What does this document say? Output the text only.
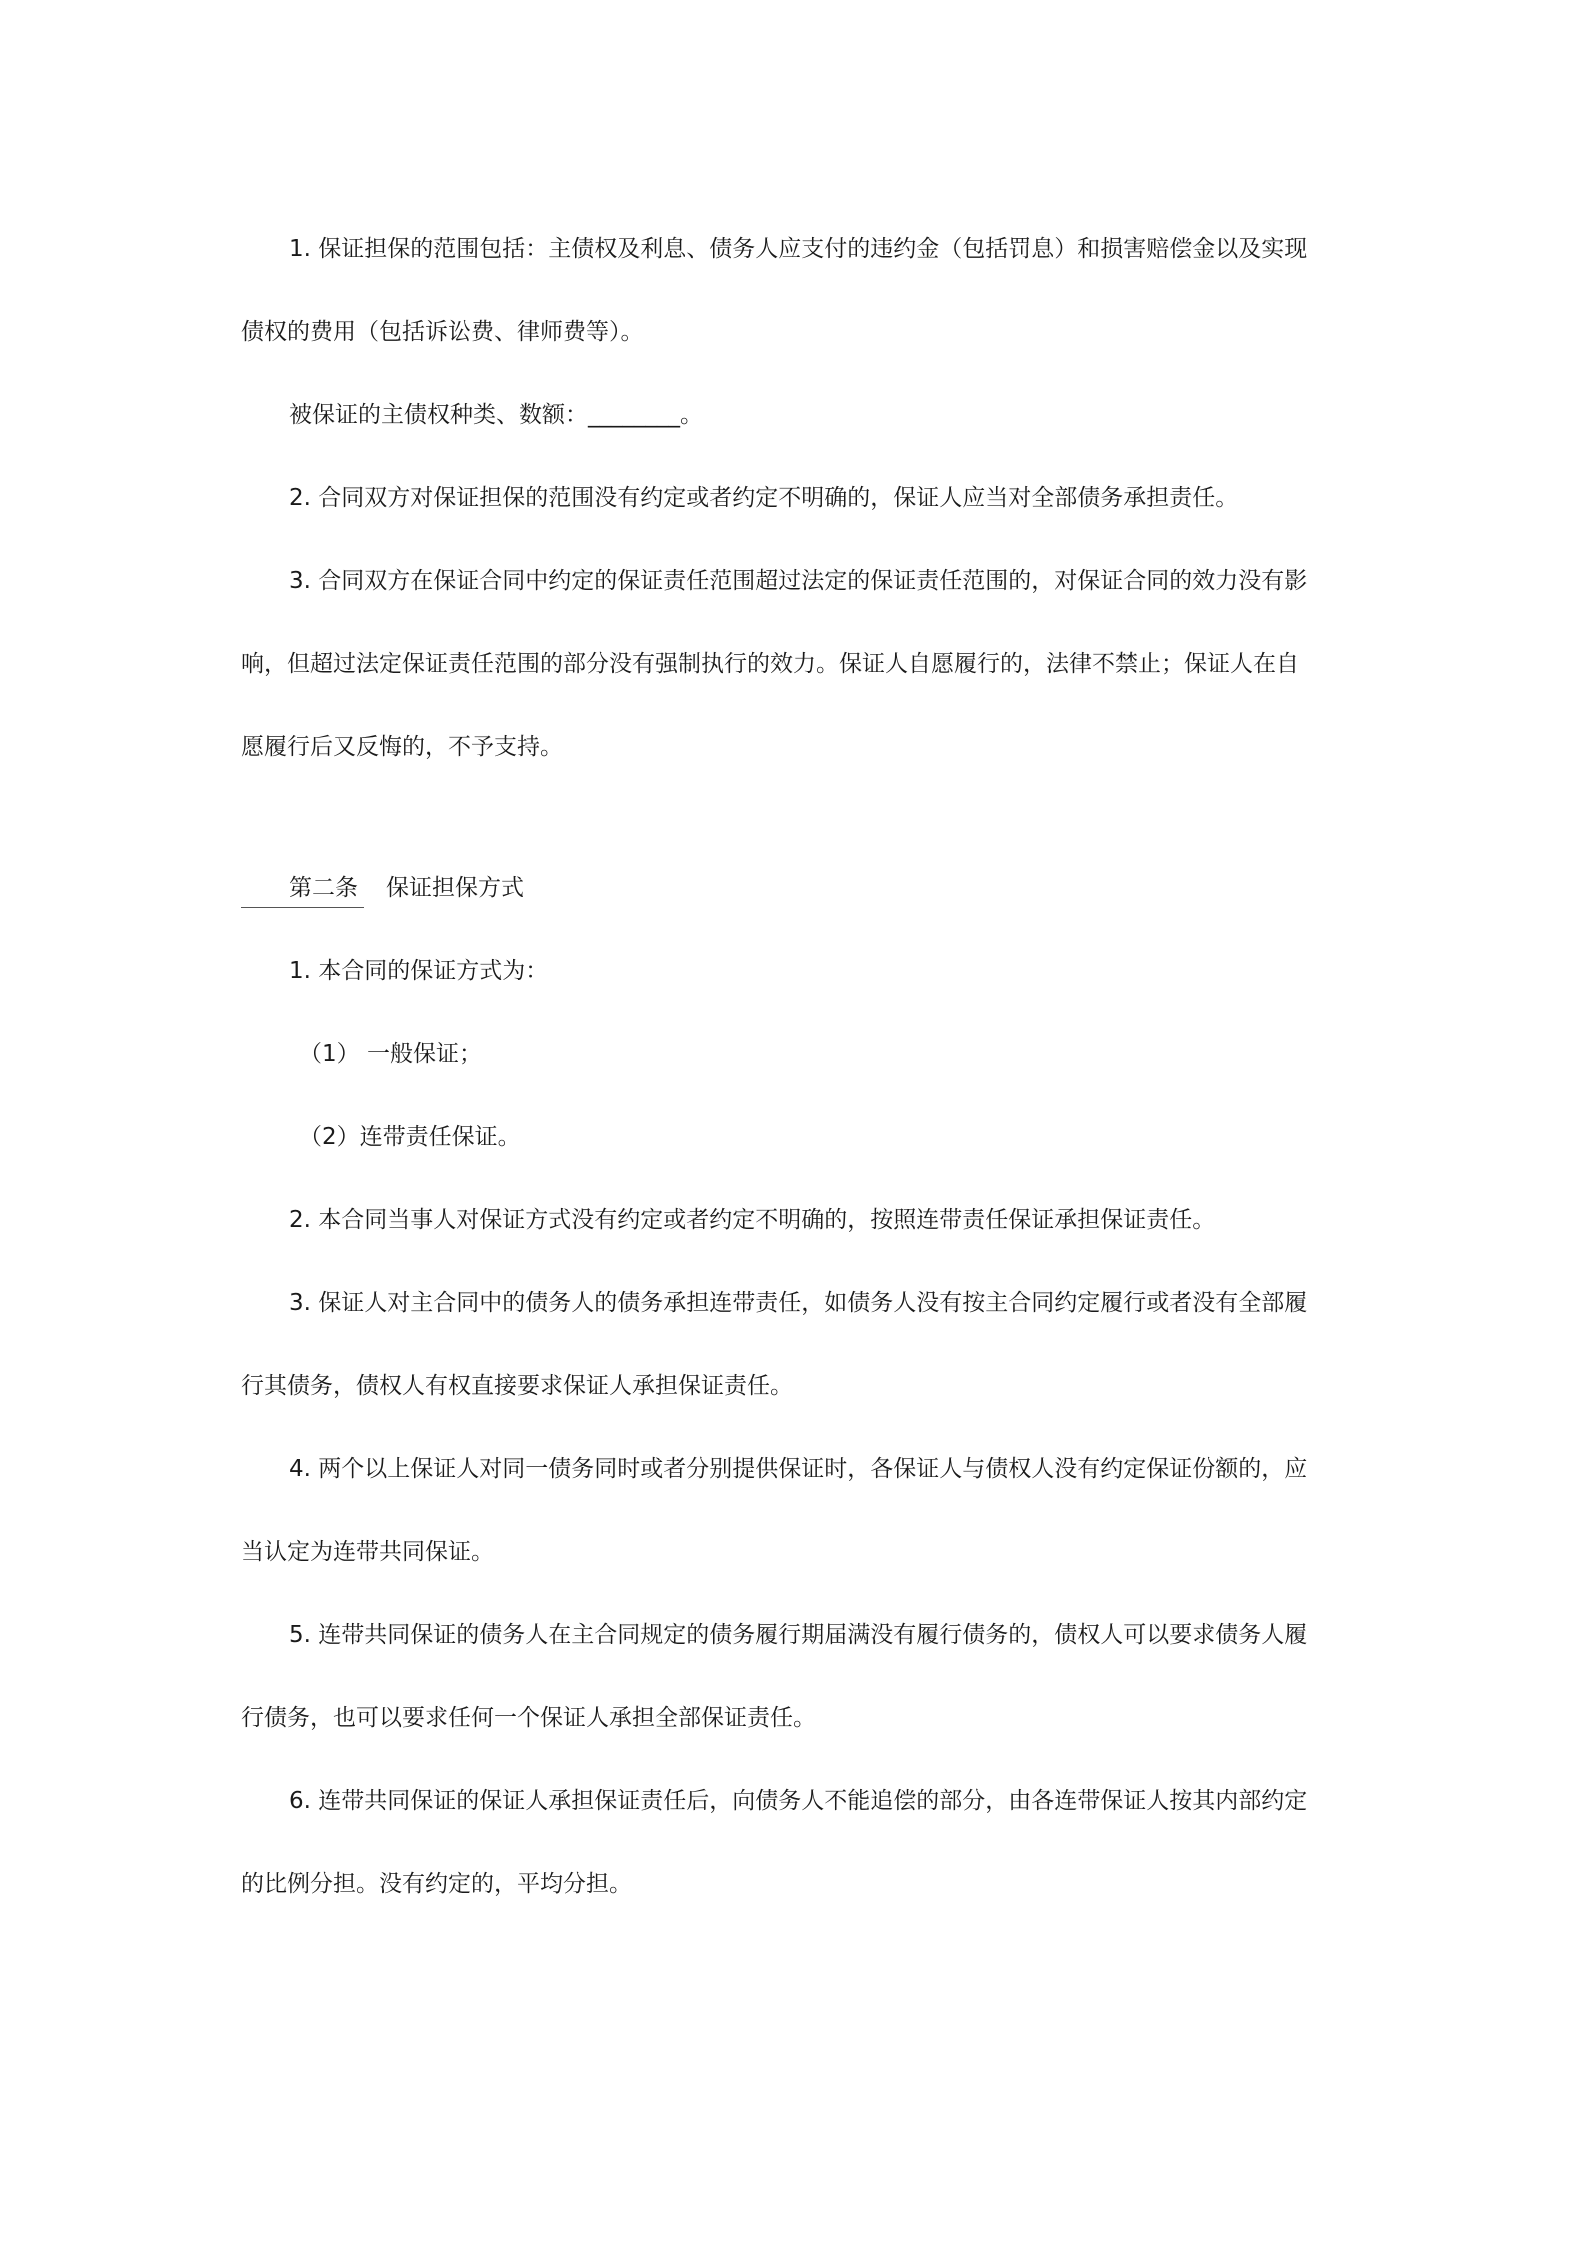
1. 保证担保的范围包括：主债权及利息、债务人应支付的违约金（包括罚息）和损害赔偿金以及实现

债权的费用（包括诉讼费、律师费等）。

被保证的主债权种类、数额：________。

2. 合同双方对保证担保的范围没有约定或者约定不明确的，保证人应当对全部债务承担责任。

3. 合同双方在保证合同中约定的保证责任范围超过法定的保证责任范围的，对保证合同的效力没有影

响，但超过法定保证责任范围的部分没有强制执行的效力。保证人自愿履行的，法律不禁止；保证人在自

愿履行后又反悔的，不予支持。

第二条 保证担保方式

1. 本合同的保证方式为：

（1） 一般保证；

（2）连带责任保证。

2. 本合同当事人对保证方式没有约定或者约定不明确的，按照连带责任保证承担保证责任。

3. 保证人对主合同中的债务人的债务承担连带责任，如债务人没有按主合同约定履行或者没有全部履

行其债务，债权人有权直接要求保证人承担保证责任。

4. 两个以上保证人对同一债务同时或者分别提供保证时，各保证人与债权人没有约定保证份额的，应

当认定为连带共同保证。

5. 连带共同保证的债务人在主合同规定的债务履行期届满没有履行债务的，债权人可以要求债务人履

行债务，也可以要求任何一个保证人承担全部保证责任。

6. 连带共同保证的保证人承担保证责任后，向债务人不能追偿的部分，由各连带保证人按其内部约定

的比例分担。没有约定的，平均分担。
